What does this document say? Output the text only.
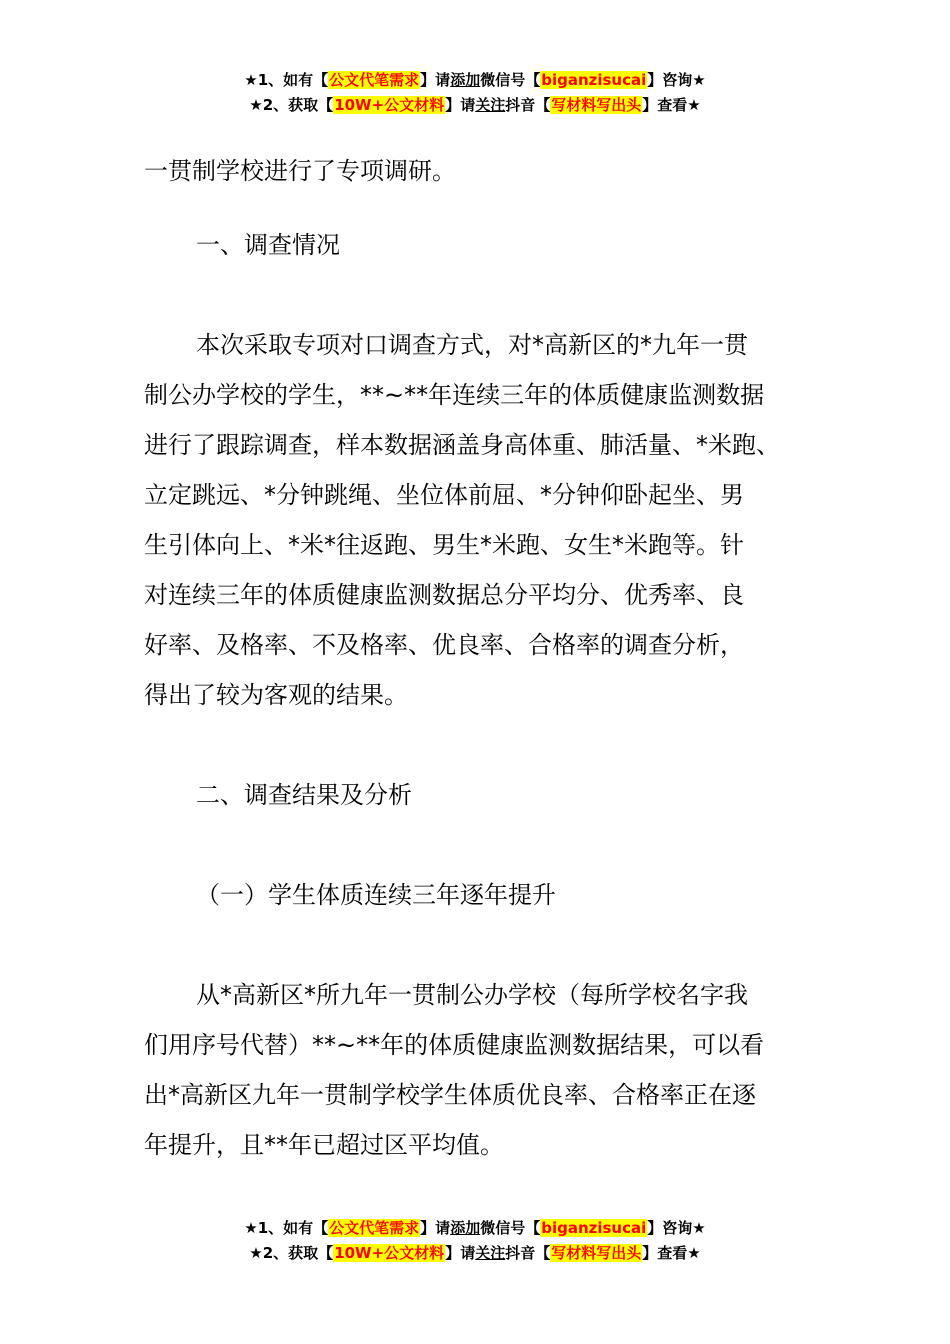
★1、如有【公文代笔需求】请添加微信号【biganzisucai】咨询★
★2、获取【10W+公文材料】请关注抖音【写材料写出头】查看★

一贯制学校进行了专项调研。

一、调查情况

本次采取专项对口调查方式，对*高新区的*九年一贯

制公办学校的学生，**~**年连续三年的体质健康监测数据

进行了跟踪调查，样本数据涵盖身高体重、肺活量、*米跑、

立定跳远、*分钟跳绳、坐位体前屈、*分钟仰卧起坐、男

生引体向上、*米*往返跑、男生*米跑、女生*米跑等。针

对连续三年的体质健康监测数据总分平均分、优秀率、良

好率、及格率、不及格率、优良率、合格率的调查分析，

得出了较为客观的结果。

二、调查结果及分析

（一）学生体质连续三年逐年提升

从*高新区*所九年一贯制公办学校（每所学校名字我

们用序号代替）**~**年的体质健康监测数据结果，可以看

出*高新区九年一贯制学校学生体质优良率、合格率正在逐

年提升，且**年已超过区平均值。

★1、如有【公文代笔需求】请添加微信号【biganzisucai】咨询★
★2、获取【10W+公文材料】请关注抖音【写材料写出头】查看★
